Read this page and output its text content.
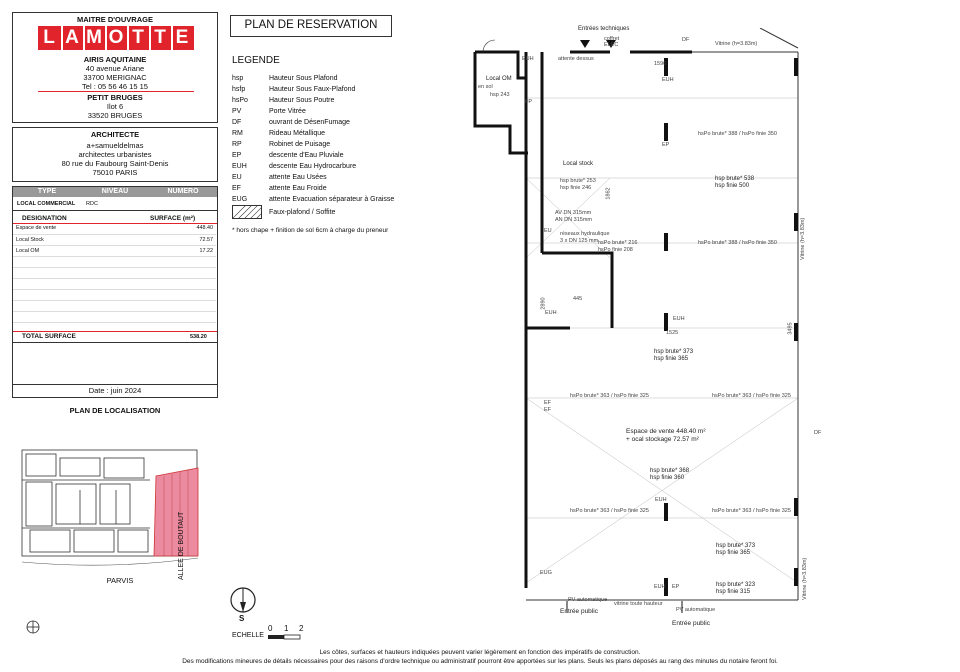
MAITRE D'OUVRAGE
L A M O T T E
AIRIS AQUITAINE
40 avenue Ariane
33700 MERIGNAC
Tel : 05 56 46 15 15
PETIT BRUGES
Ilot 6
33520 BRUGES
ARCHITECTE
a+samueldelmas
architectes urbanistes
80 rue du Faubourg Saint-Denis
75010 PARIS
TYPE	NIVEAU	NUMERO
LOCAL COMMERCIAL RDC
DESIGNATION	SURFACE (m²)
Espace de vente	448.40
Local Stock	72.57
Local OM	17.22

TOTAL SURFACE	538.20
Date : juin 2024
PLAN DE LOCALISATION
ALLEE DE BOUTAUT
PARVIS
S
ECHELLE
0 1 2
PLAN DE RESERVATION
LEGENDE
hsp	Hauteur Sous Plafond
hsfp	Hauteur Sous Faux-Plafond
hsPo	Hauteur Sous Poutre
PV	Porte Vitrée
DF	ouvrant de DésenFumage
RM	Rideau Métallique
RP	Robinet de Puisage
EP	descente d'Eau Pluviale
EUH	descente Eau Hydrocarbure
EU	attente Eau Usées
EF	attente Eau Froide
EUG	attente Evacuation séparateur à Graisse
Faux-plafond / Soffite
* hors chape + finition de sol 6cm à charge du preneur
Entrées techniques
coffret
ELEC
DF
Vitrine (h=3.83m)
Local OM
en sol
hsp 243
EUH
FP
attente dessus
Local stock
hsp brute* 253
hsp finie 246	1862
AV DN 315mm
AN DN 315mm
réseaux hydraulique
3 x DN 125 mm
EU
445
2890
EUH
hsPo brute* 216
hsPo finie 208
1596
EUH
EP
hsPo brute* 388 / hsPo finie 350
hsp brute* 538
hsp finie 500
hsPo brute* 388 / hsPo finie 350
EUH
1525	3495
hsp brute* 373
hsp finie 365
hsPo brute* 363 / hsPo finie 325	hsPo brute* 363 / hsPo finie 325
EF
EF
Espace de vente 448.40 m²
+ ocal stockage 72.57 m²
hsp brute* 368
hsp finie 360
EUH
hsPo brute* 363 / hsPo finie 325	hsPo brute* 363 / hsPo finie 325
hsp brute* 373
hsp finie 365
hsp brute* 323
hsp finie 315
EUH EP
EUG
Vitrine (h=3.83m)
DF
Vitrine (h=3.83m)
PV automatique
PV automatique
Entrée public
Entrée public
vitrine toute hauteur
Les côtes, surfaces et hauteurs indiquées peuvent varier légèrement en fonction des impératifs de construction.
Des modifications mineures de détails nécessaires pour des raisons d'ordre technique ou administratif pourront être apportées sur les plans. Seuls les plans déposés au rang des minutes du notaire feront foi.
